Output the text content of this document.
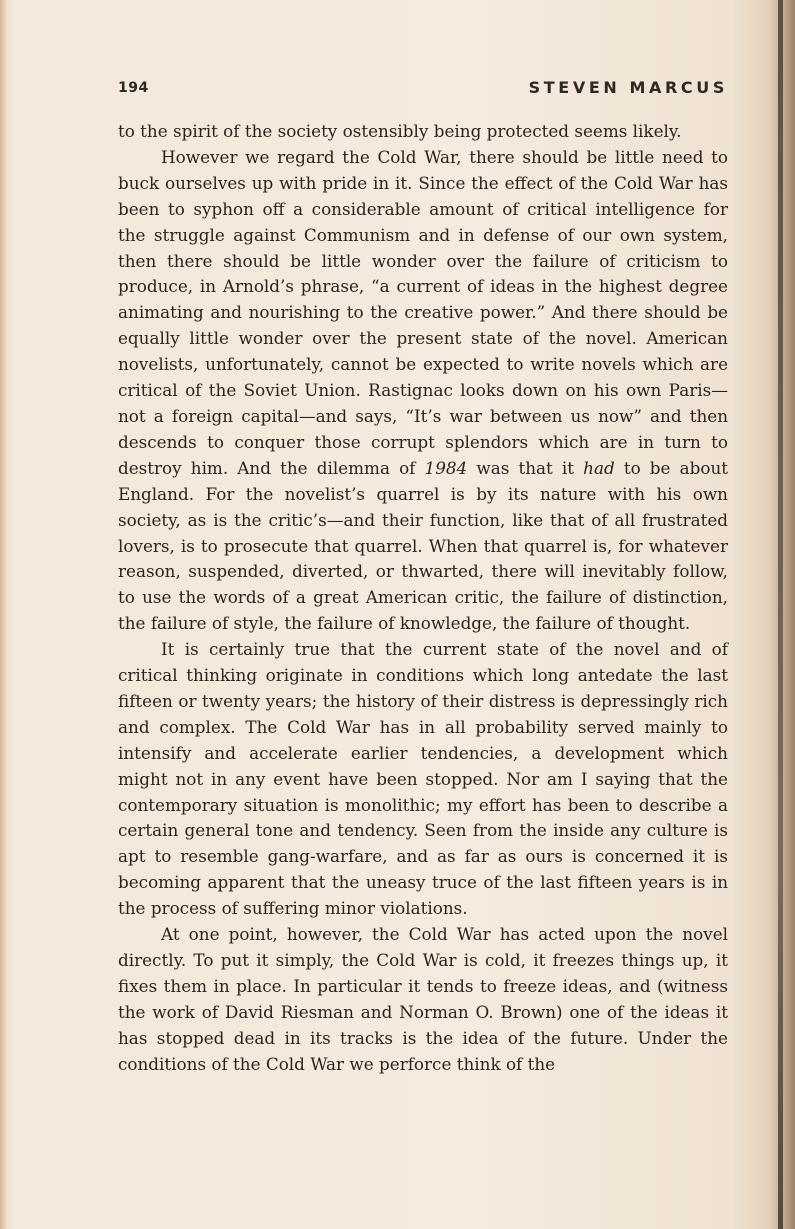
194	STEVEN MARCUS

to the spirit of the society ostensibly being protected seems likely.

However we regard the Cold War, there should be little need to buck ourselves up with pride in it. Since the effect of the Cold War has been to syphon off a considerable amount of critical intelligence for the struggle against Communism and in defense of our own system, then there should be little wonder over the failure of criticism to produce, in Arnold’s phrase, “a current of ideas in the highest degree animating and nourishing to the creative power.” And there should be equally little wonder over the present state of the novel. American novelists, unfortunately, cannot be expected to write novels which are critical of the Soviet Union. Rastignac looks down on his own Paris—not a foreign capital—and says, “It’s war between us now” and then descends to conquer those corrupt splendors which are in turn to destroy him. And the dilemma of 1984 was that it had to be about England. For the novelist’s quarrel is by its nature with his own society, as is the critic’s—and their function, like that of all frustrated lovers, is to prosecute that quarrel. When that quarrel is, for whatever reason, suspended, diverted, or thwarted, there will inevitably follow, to use the words of a great American critic, the failure of distinction, the failure of style, the failure of knowledge, the failure of thought.

It is certainly true that the current state of the novel and of critical thinking originate in conditions which long antedate the last fifteen or twenty years; the history of their distress is depressingly rich and complex. The Cold War has in all probability served mainly to intensify and accelerate earlier tendencies, a development which might not in any event have been stopped. Nor am I saying that the contemporary situation is monolithic; my effort has been to describe a certain general tone and tendency. Seen from the inside any culture is apt to resemble gang-warfare, and as far as ours is concerned it is becoming apparent that the uneasy truce of the last fifteen years is in the process of suffering minor violations.

At one point, however, the Cold War has acted upon the novel directly. To put it simply, the Cold War is cold, it freezes things up, it fixes them in place. In particular it tends to freeze ideas, and (witness the work of David Riesman and Norman O. Brown) one of the ideas it has stopped dead in its tracks is the idea of the future. Under the conditions of the Cold War we perforce think of the
